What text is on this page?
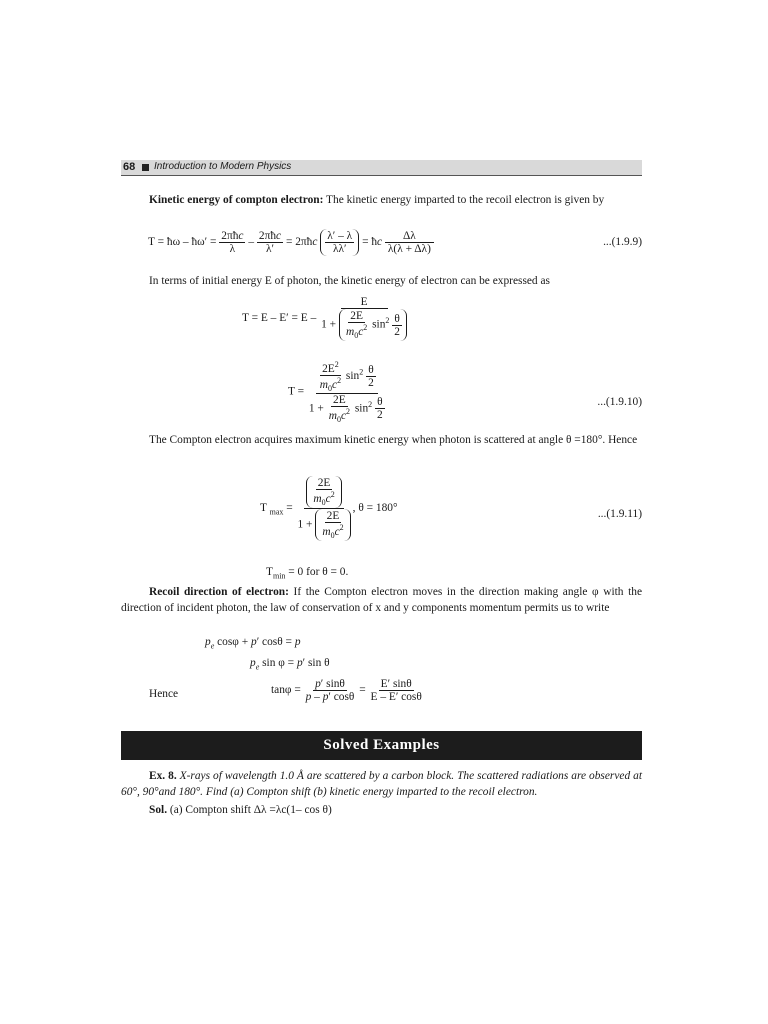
68 Introduction to Modern Physics
Kinetic energy of compton electron: The kinetic energy imparted to the recoil electron is given by
T = ħω – ħω′ = $\frac{\text{2πħc}}{\lambda} - \frac{\text{2πħc}}{\lambda'}$ = 2πħc $\frac{\lambda' - \lambda}{\lambda\lambda'}$ = ħc $\frac{\Delta\lambda}{\lambda(\lambda + \Delta\lambda)}$	...(1.9.9)
In terms of initial energy E of photon, the kinetic energy of electron can be expressed as
$T = E - E' = E - \frac{E}{1 + \frac{2E}{m_0c^2} \sin^2 \frac{\theta}{2}}$
$T = \frac{\frac{2E^2}{m_0c^2} \sin^2 \frac{\theta}{2}}{1 + \frac{2E}{m_0c^2} \sin^2 \frac{\theta}{2}}$	...(1.9.10)
The Compton electron acquires maximum kinetic energy when photon is scattered at angle θ =180°. Hence
T $_{max} = \frac{\frac{2E}{m_0c^2}}{1 + \frac{2E}{m_0c^2}}$ , θ = 180°	...(1.9.11)
$T_{min} = 0$ for θ = 0.
Recoil direction of electron: If the Compton electron moves in the direction making angle φ with the direction of incident photon, the law of conservation of x and y components momentum permits us to write
$p_e$ cosφ + p′ cosθ = p
$p_e$ sin φ = p′ sin θ
Hence	$\tan\varphi = \frac{p' \sin\theta}{p - p' \cos\theta} = \frac{E' \sin\theta}{E - E' \cos\theta}$
Solved Examples
Ex. 8. X-rays of wavelength 1.0 Å are scattered by a carbon block. The scattered radiations are observed at 60°, 90°and 180°. Find (a) Compton shift (b) kinetic energy imparted to the recoil electron.
Sol. (a) Compton shift Δλ =λc(1– cos θ)
